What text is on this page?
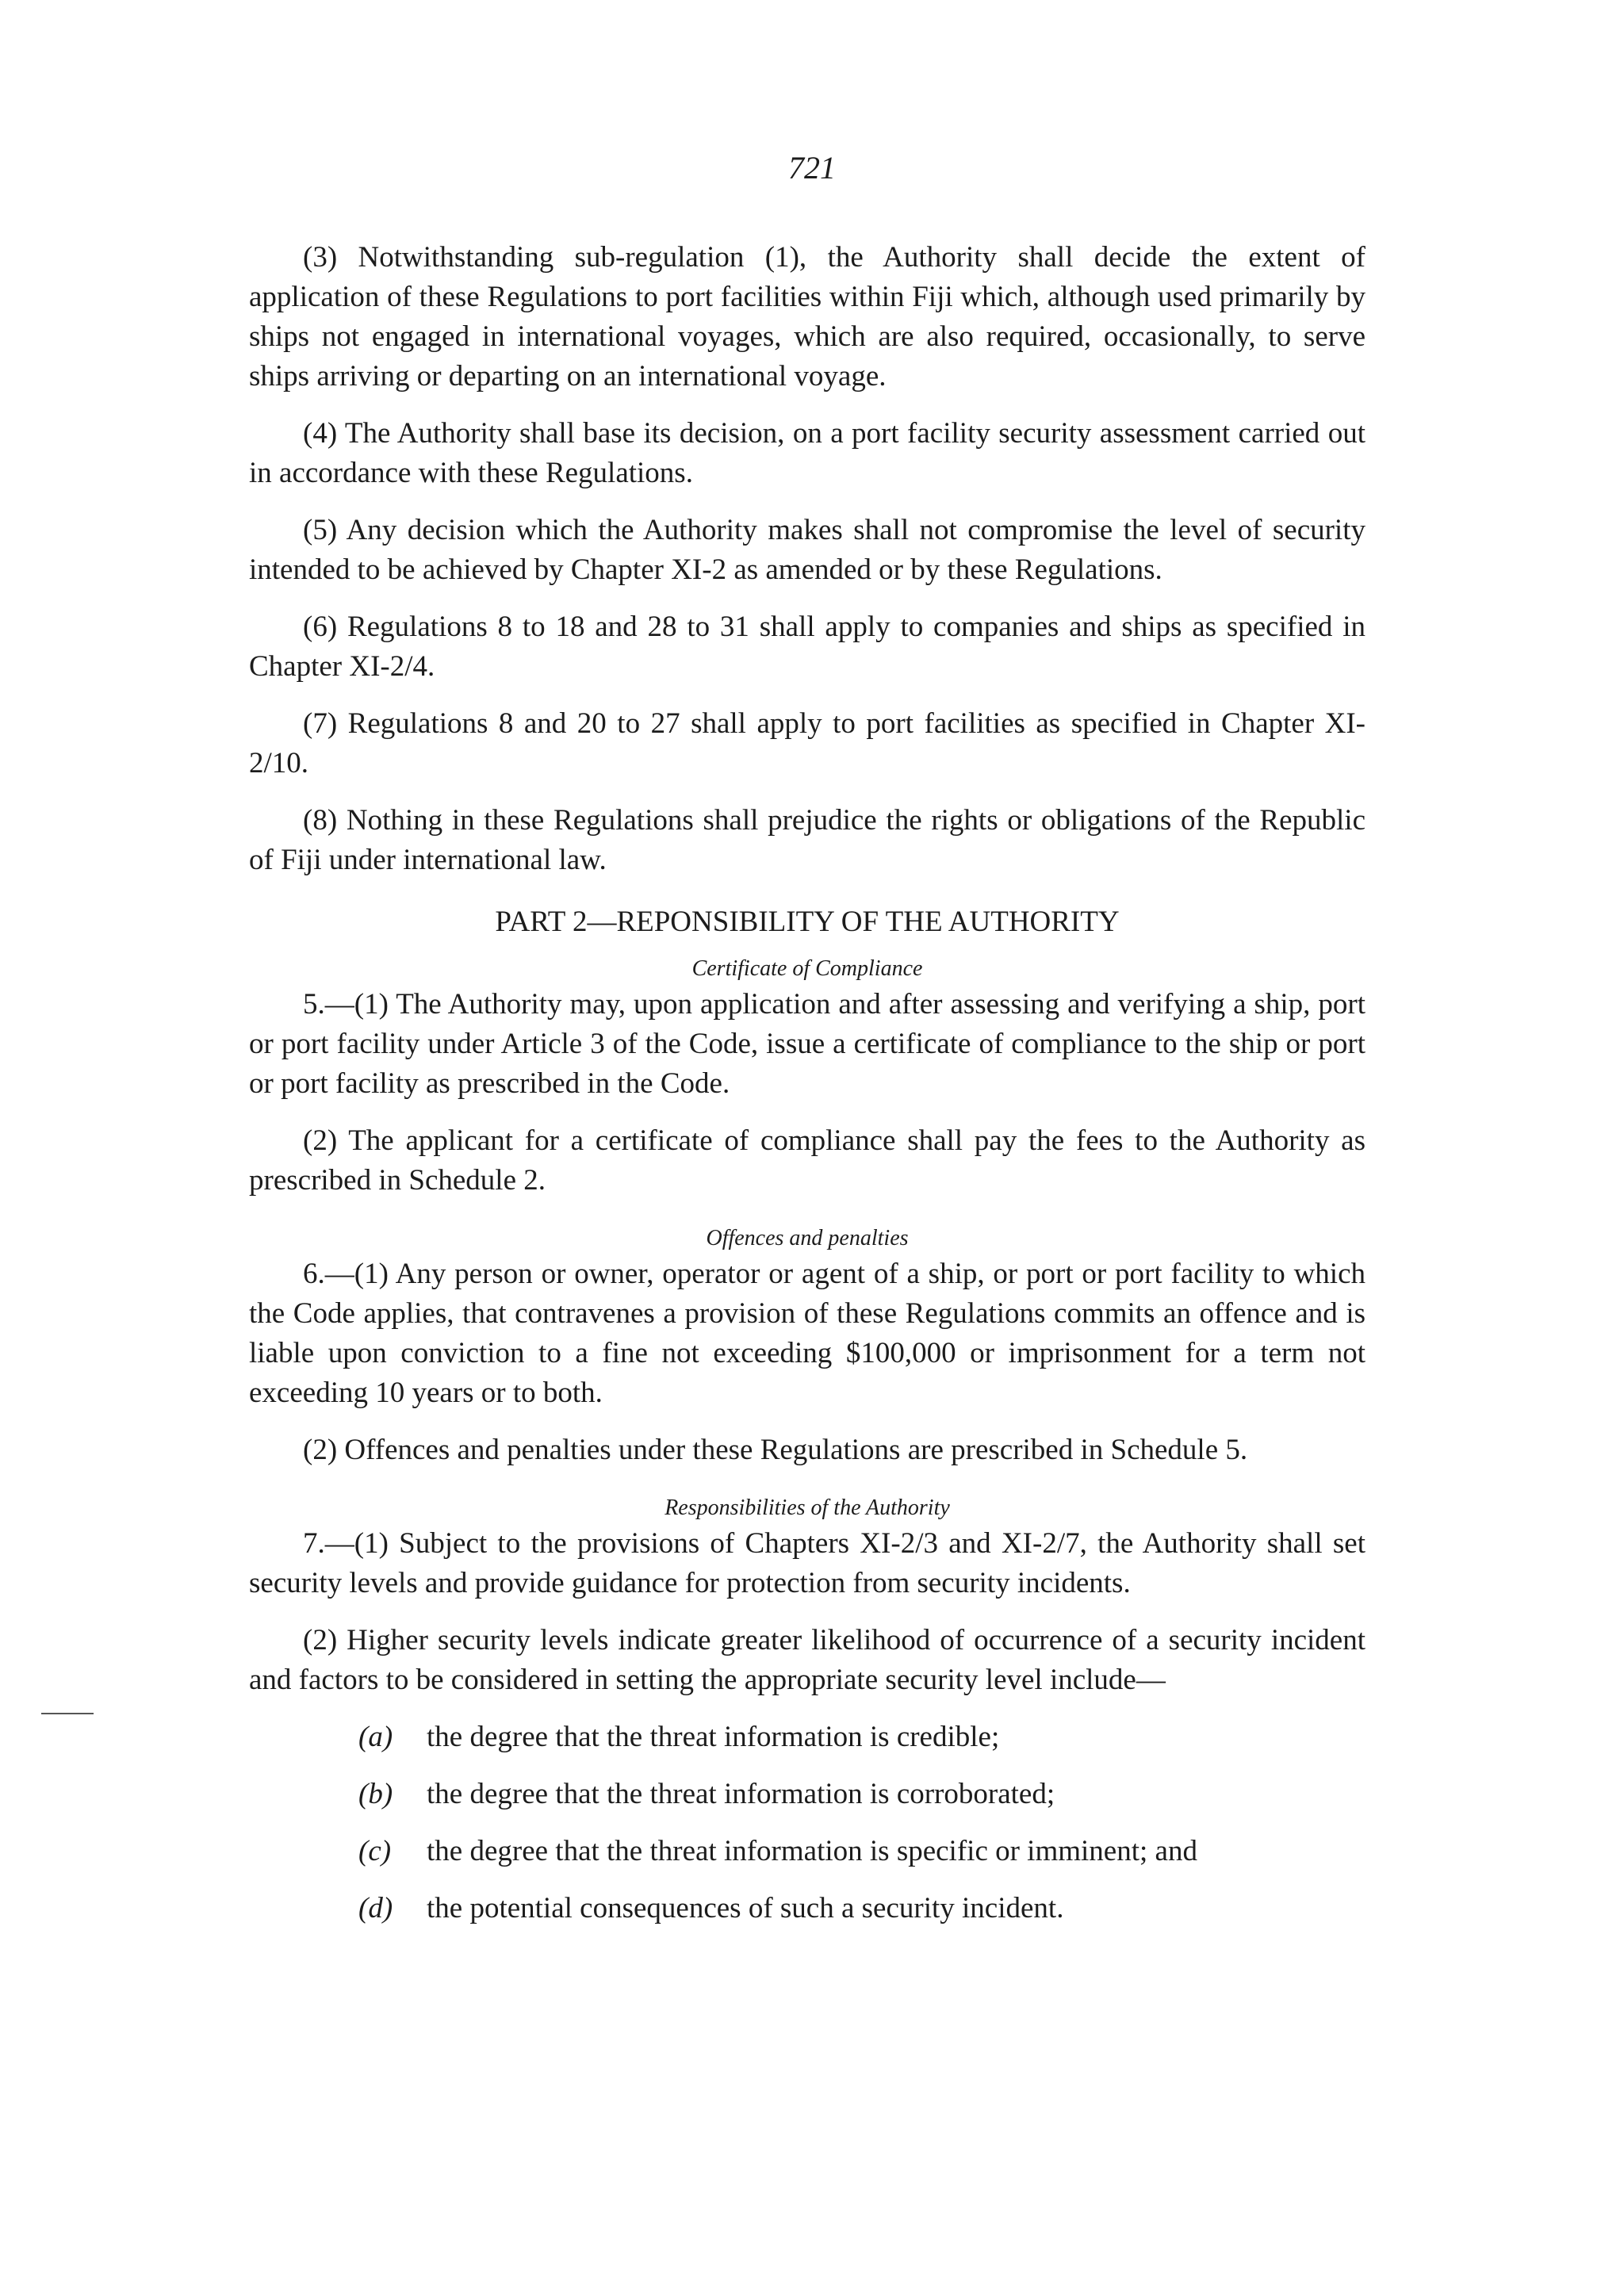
721

(3) Notwithstanding sub-regulation (1), the Authority shall decide the extent of application of these Regulations to port facilities within Fiji which, although used primarily by ships not engaged in international voyages, which are also required, occasionally, to serve ships arriving or departing on an international voyage.

(4) The Authority shall base its decision, on a port facility security assessment carried out in accordance with these Regulations.

(5) Any decision which the Authority makes shall not compromise the level of security intended to be achieved by Chapter XI-2 as amended or by these Regulations.

(6) Regulations 8 to 18 and 28 to 31 shall apply to companies and ships as specified in Chapter XI-2/4.

(7) Regulations 8 and 20 to 27 shall apply to port facilities as specified in Chapter XI-2/10.

(8) Nothing in these Regulations shall prejudice the rights or obligations of the Republic of Fiji under international law.

PART 2—REPONSIBILITY OF THE AUTHORITY
Certificate of Compliance

5.—(1) The Authority may, upon application and after assessing and verifying a ship, port or port facility under Article 3 of the Code, issue a certificate of compliance to the ship or port or port facility as prescribed in the Code.

(2) The applicant for a certificate of compliance shall pay the fees to the Authority as prescribed in Schedule 2.

Offences and penalties

6.—(1) Any person or owner, operator or agent of a ship, or port or port facility to which the Code applies, that contravenes a provision of these Regulations commits an offence and is liable upon conviction to a fine not exceeding $100,000 or imprisonment for a term not exceeding 10 years or to both.

(2) Offences and penalties under these Regulations are prescribed in Schedule 5.

Responsibilities of the Authority

7.—(1) Subject to the provisions of Chapters XI-2/3 and XI-2/7, the Authority shall set security levels and provide guidance for protection from security incidents.

(2) Higher security levels indicate greater likelihood of occurrence of a security incident and factors to be considered in setting the appropriate security level include—

(a)	the degree that the threat information is credible;
(b)	the degree that the threat information is corroborated;
(c)	the degree that the threat information is specific or imminent; and
(d)	the potential consequences of such a security incident.
